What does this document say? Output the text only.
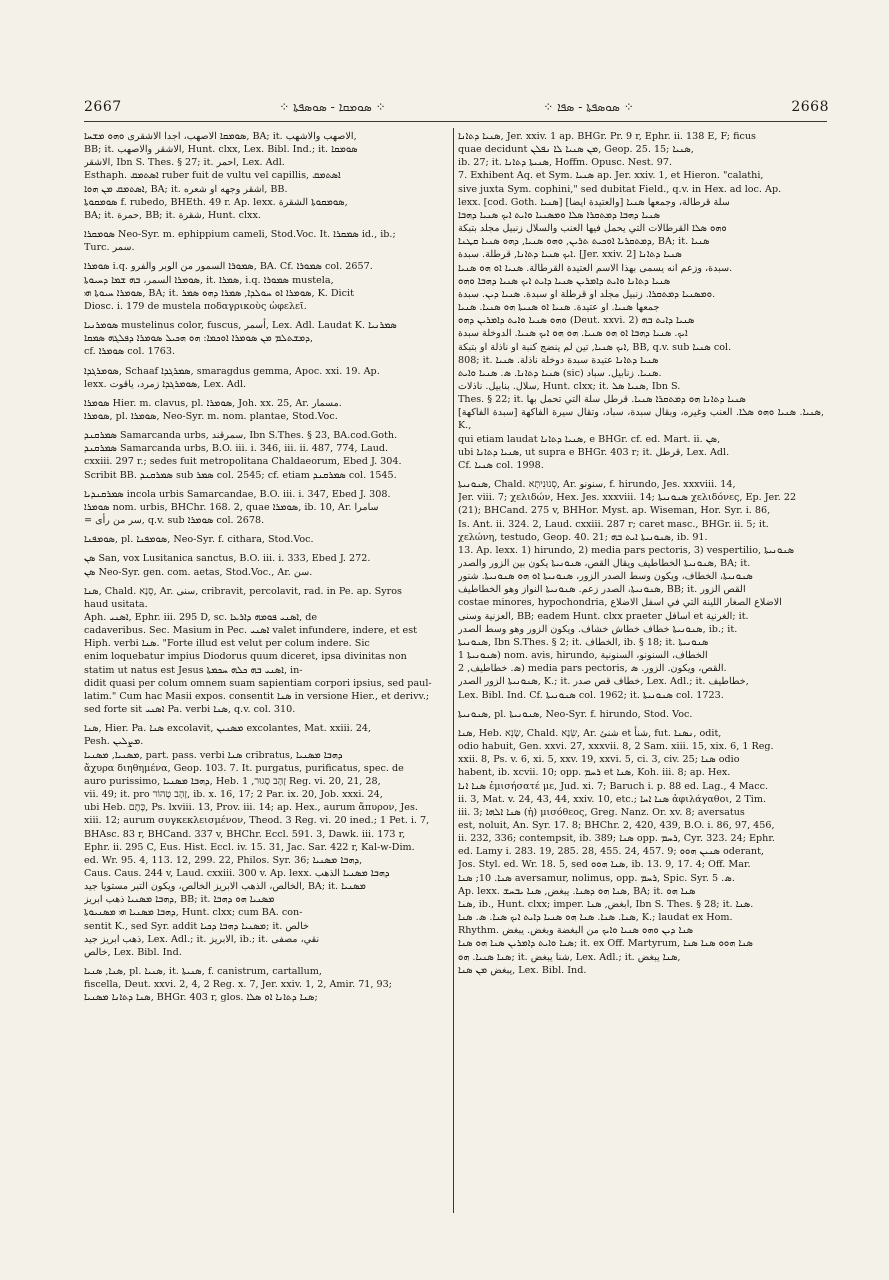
2667	⁘ ܣܘܡܩܐ - ܣܘܣܦܬܐ ⁘	⁘ ܣܘܣܦܬܐ - ܣܦܐ ⁘	2668

ܣܘܡܩܐ الاصهب، اجدا الاشقرى ܘܗܘ ܡܫܚܐ, BA; it. الاصهب والاشهب,

BB; it. الاشقر والاصهب, Hunt. clxx, Lex. Bibl. Ind.; it. ܣܘܡܩܐ

الاشقر, Ibn S. Thes. § 27; it. احمر, Lex. Adl.

Esthaph. ܐܣܬܡܩ ruber fuit de vultu vel capillis, ܐܣܬܡܩ

ܐܣܬܡܩ ܡܢ ܗܘܐ, BA; it. اشقر وجهه او شعره, BB.

ܣܘܡܩܘܬܐ f. rubedo, BHEth. 49 r. Ap. lexx. ܣܘܡܩܘܬܐ الشقرة,

BA; it. حمرة, BB; it. شقرة, Hunt. clxx.

ܣܘܡܩܪܐ Neo-Syr. m. ephippium cameli, Stod.Voc. It. ܣܡܩܪܐ id., ib.;

Turc. سمر.

ܣܘܡܪܐ i.q. ܣܡܘܪܐ السمور من الوبر والفرو, BA. Cf. ܣܡܘܪܐ col. 2657.

ܣܘܡܪܐ السمر، ܒܗ ܫܡܐ ܕܚܝܘܬܐ, it. ܣܡܪܐ, i.q. ܣܡܘܪܐ mustela,

ܣܘܡܪܐ ܚܝܘܬܐ ܗܝ, BA; it. ܣܘܡܪܐ ܐܘ ܚܘܠܕܐ, ܣܡܪܐ ܕܗܘ ܣܡܪ, K. Dicit

Diosc. i. 179 de mustela ποδαγρικοὺς ὠφελεῖ.

ܣܘܡܪܢܝܐ mustelinus color, fuscus, أسمر, Lex. Adl. Laudat K. ܣܡܪܢܝܐ

ܕܡܫܬܠܡ ܡܢ ܣܘܡܪܐ ܐܘܟܡܐ: ܗܘ ܗܟܝܠ ܣܘܡܪܐ ܕܦܠܓܗ ܣܡܩܐ,

cf. ܣܘܡܪܐ col. 1763.

ܣܘܡܪܓܕܐ, Schaaf ܣܡܪܓܕܐ, smaragdus gemma, Apoc. xxi. 19. Ap.

lexx. ܣܘܡܪܓܕܐ زمرد، ياقوت, Lex. Adl.

ܣܘܡܪܐ Hier. m. clavus, pl. ܣܘܡܪܐ, Joh. xx. 25, Ar. مسمار.

ܣܘܡܪܐ, pl. ܣܘܡܪܐ, Neo-Syr. m. nom. plantae, Stod.Voc.

ܣܡܪܩܢܕ Samarcanda urbs, سمرقند, Ibn S.Thes. § 23, BA.cod.Goth.

ܣܡܪܩܢܕ Samarcanda urbs, B.O. iii. i. 346, iii. ii. 487, 774, Laud.

cxxiii. 297 r.; sedes fuit metropolitana Chaldaeorum, Ebed J. 304.

Scribit BB. ܣܡܪܩܢܕ sub ܣܡܪ col. 2545; cf. etiam ܣܡܪܩܢܕ col. 1545.

ܣܡܪܩܢܕܝܐ incola urbis Samarcandae, B.O. iii. i. 347, Ebed J. 308.

ܣܘܡܪܐ nom. urbis, BHChr. 168. 2, quae ܣܘܡܪܐ, ib. 10, Ar. سامرا

= سر من رأى, q.v. sub ܣܘܡܪܐ col. 2678.

ܣܘܡܦܢܐ, pl. ܣܘܡܦܢܐ, Neo-Syr. f. cithara, Stod.Voc.

ܣܢ San, vox Lusitanica sanctus, B.O. iii. i. 333, Ebed J. 272.

ܣܢ Neo-Syr. gen. com. aetas, Stod.Voc., Ar. سن.

ܣܢܐ, Chald. סְנָא, Ar. سنى, cribravit, percolavit, rad. in Pe. ap. Syros

haud usitata.

Aph. ܐܣܢܝ, Ephr. iii. 295 D, sc. ܐܣܢܝ ܦܘܡܗ ܕܐܪܥܐ, de

cadaveribus. Sec. Masium in Pec. ܐܣܢܝ valet infundere, indere, et est

Hiph. verbi ܣܢܐ. "Forte illud est velut per colum indere. Sic

enim loquebatur impius Diodorus quum diceret, ipsa divinitas non

statim ut natus est Jesus ܐܣܢܝ ܒܗ ܟܠܗ ܚܟܡܬܐ, in-

didit quasi per colum omnem suam sapientiam corpori ipsius, sed paul-

latim." Cum hac Masii expos. consentit ܣܢܐ in versione Hier., et derivv.;

sed forte sit ܐܣܢܝ Pa. verbi ܣܢܐ, q.v. col. 310.

ܣܢܐ, Hier. Pa. ܣܢܐ excolavit, ܡܣܢܝܢ excolantes, Mat. xxiii. 24,

Pesh. ܡܨܠܝܢ.

ܡܣܢܝܐ, ܡܣܢܝܐ, part. pass. verbi ܣܢܐ cribratus, ܕܗܒܐ ܡܣܢܝܐ

ἄχυρα διηθημένα, Geop. 103. 7. It. purgatus, purificatus, spec. de

auro purissimo, ܕܗܒܐ ܡܣܢܝܐ, Heb. זָהָב סָגוּר, 1 Reg. vi. 20, 21, 28,

vii. 49; it. pro זָהָב טָהוֹר, ib. x. 16, 17; 2 Par. ix. 20, Job. xxxi. 24,

ubi Heb. כֶּתֶם, Ps. lxviii. 13, Prov. iii. 14; ap. Hex., aurum ἄπυρον, Jes.

xiii. 12; aurum συγκεκλεισμένον, Theod. 3 Reg. vi. 20 ined.; 1 Pet. i. 7,

BHAsc. 83 r, BHCand. 337 v, BHChr. Eccl. 591. 3, Dawk. iii. 173 r,

Ephr. ii. 295 C, Eus. Hist. Eccl. iv. 15. 31, Jac. Sar. 422 r, Kal-w-Dim.

ed. Wr. 95. 4, 113. 12, 299. 22, Philos. Syr. 36; ܕܗܒܐ ܡܣܢܝܐ,

Caus. Caus. 244 v, Laud. cxxiii. 300 v. Ap. lexx. ܕܗܒܐ ܡܣܢܝܐ الذهب

الخالص، الذهب الابريز الخالص، ويكون التبر مستويا جيد, BA; it. ܡܣܢܝܐ

ܕܗܒܐ ܡܣܢܝܐ ذهب ابريز, BB; it. ܡܣܢܝܐ ܗܘ ܕܗܒܐ

ܕܗܒܐ ܡܣܢܝܐ ܗܝ ܡܣܢܝܘܬܐ, Hunt. clxx; cum BA. con-

sentit K., sed Syr. addit ܡܣܢܝܐ ܕܗܒܐ ܕܟܝܐ; it. خالص

ذهب ابريز جيد, Lex. Adl.; it. الابريز, ib.; it. نقي، مصفى

خالص, Lex. Bibl. Ind.

ܣܢܐ, ܣܢܝܐ, pl. ܣܢܝܐ, it. ܣܢܝܬܐ, f. canistrum, cartallum,

fiscella, Deut. xxvi. 2, 4, 2 Reg. x. 7, Jer. xxiv. 1, 2, Amir. 71, 93;

ܣܢܐ ܕܬܐܢܐ ܡܣܢܝܐ, BHGr. 403 r, glos. ܣܢܐ ܕܬܐܢܐ ܐܘ ܣܠܐ;

ܣܢܝܐ ܕܬܐܢܐ, Jer. xxiv. 1 ap. BHGr. Pr. 9 r, Ephr. ii. 138 E, F; ficus

quae decidunt ܡܢ ܣܢܝܐ ܠܐ ܢܦܠܢ, Geop. 25. 15; ܣܢܝܐ,

ib. 27; it. ܣܢܝܬܐ ܕܬܐܢܐ, Hoffm. Opusc. Nest. 97.

7. Exhibent Aq. et Sym. ܣܢܝܐ ap. Jer. xxiv. 1, et Hieron. "calathi,

sive juxta Sym. cophini," sed dubitat Field., q.v. in Hex. ad loc. Ap.

lexx. [cod. Goth. ܣܢܝܐ] سلة قرطالة، وجمعها ܣܢܝܐ [والعتيدة ايضا]

ܣܢܝܐ ܕܗܒܐ ܕܡܬܩܪܐ ܣܠܐ ܘܡܣܢܝܐ ܘܐܝܬ ܐܝܟ ܣܢܝܐ ܕܗܒܐ

ܘܗܘ ܣܠܐ القرطالات التي يحمل فيها العنب والسلال زنبيل مجلد بتبكة

ܕܡܬܩܪܝܐ ܐܘܟܝܬ ܬܪܝܢ, ܘܗܘ ܣܢܝܐ, ܕܗܘ ܣܢܝܐ ܩܛܢܐ, BA; it. ܣܢܝܐ

ܐܝܟ ܣܢܝܐ ܕܬܐܢܐ, قرطلة. سبدة. [Jer. xxiv. 2] ܣܢܝܐ ܕܬܐܢܐ

سبدة، وزعم انه يسمى بهذا الاسم العتيدة القرطالة. ܣܢܝܐ ܐܘ ܗܘ ܣܢܝܐ.

ܣܢܝܐ ܕܬܐܢܐ ܘܐܝܬ ܕܐܡܪܝܢ ܣܢܝܐ ܕܐܝܬ ܐܝܟ ܣܢܝܐ ܕܗܒܐ ܘܗܘ

ܘܡܣܢܝܐ ܕܡܬܩܪܐ. زنبيل مجلد او قرطلة او سبدة. ܣܢܝܐ ܕܝܢ. سبدة.

جمعها ܣܢܝܐ. او عتيدة. ܣܢܝܐ ܐܘ ܣܢܝܬܐ ܗܘ ܣܢܝܐ. ܣܢܝܐ

ܘܗܘ ܣܢܝܐ ܘܐܝܬ ܕܐܡܪܝܢ ܕܗܘ (Deut. xxvi. 2) ܣܢܝܐ ܕܐܝܬ ܒܗ

ܐܝܟ. ܣܢܝܐ ܕܗܒܐ ܐܘ ܗܘ ܣܢܝܐ. ܗܘ ܗܘ ܐܝܟ ܣܢܝܐ. الدوخلة سبدة

ܐܝܟ ܣܢܝܐ, تين لم ينضج كنبة او ناذلة او بتبكة, BB, q.v. sub ܣܢܝܐ col.

808; it. ܣܢܝܐ ܕܬܐܢܐ عتيدة سبدة دوخلة ناذلة. ܣܢܝܐ

ܣܢܝܐ ܕܬܐܢܐ. ܣ. ܣܢܝܐ ܘܐܝܬ (sic) ܣܢܝܐ. زنابيل. سباد.

سلال. بنابيل. ناذلات, Hunt. clxx; it. ܣܢܝܐ ܣܠ, Ibn S.

Thes. § 22; it. ܣܢܝܐ ܕܬܐܢܐ ܗܘ ܕܡܬܩܪܐ ܣܢܝܐ. قرطل سلة التي تحمل بها

ܣܢܝܐ. ܣܢܝܐ ܘܗܘ ܣܠܐ. العنب وغيره، وبقال سبدة، سباد، وتقال سيرة الفاكهة [سبدة الفاكهة], K.,

qui etiam laudat ܣܢܝܐ ܕܬܐܢܐ, e BHGr. cf. ed. Mart. ii. ܣܢ,

ubi ܣܢܝܐ ܕܬܐܢܐ, ut supra e BHGr. 403 r; it. قرطل, Lex. Adl.

Cf. ܣܢܝܐ col. 1998.

ܣܢܘܢܝܬܐ, Chald. סְנוּנִיתָא, Ar. سنونو, f. hirundo, Jes. xxxviii. 14,

Jer. viii. 7; χελιδών, Hex. Jes. xxxviii. 14; ܣܢܘܢܝܬܐ χελιδόνες, Ep. Jer. 22

(21); BHCand. 275 v, BHHor. Myst. ap. Wiseman, Hor. Syr. i. 86,

Is. Ant. ii. 324. 2, Laud. cxxiii. 287 r; caret masc., BHGr. ii. 5; it.

χελώνη, testudo, Geop. 40. 21; ܣܢܘܢܝܬܐ ܐܝܬ ܒܗ, ib. 91.

13. Ap. lexx. 1) hirundo, 2) media pars pectoris, 3) vespertilio, ܣܢܘܢܝܬܐ

ܣܢܘܢܝܬܐ الخطاطيف ويقال القص، ܣܢܘܢܝܬܐ يكون بين الزور والصدر, BA; it.

ܣܢܘܢܝܬܐ، الخطاف، ويكون وسط الصدر الزور، ܣܢܘܢܝܬܐ ܐܘ ܗܘ ܣܢܘܢܝܬܐ. شنور

ܣܢܘܢܝܬܐ، الصدر زعم. ܣܢܘܢܝܬܐ النواز وهو الخطاطيف, BB; it. القص الزور

costae minores, hypochondria, الاضلاع الصغار اللينة التي في اسفل الاضلاع

العزنية وسنى, BB; eadem Hunt. clxx praeter اسافل et الغرنية; it.

ܣܢܘܢܝܬܐ خطاف خطاش خشاف. ويكون الزور وهو وسط الصدر, ib.; it.

ܣܢܘܢܝܬܐ, Ibn S.Thes. § 2; it. الخطاف, ib. § 18; it. ܣܢܘܢܝܬܐ

ܣܢܘܢܝܬܐ 1) nom. avis, hirundo, الخطاف، السنونو، السنونية

ܣ. خطاطيف, 2) media pars pectoris, القص، ويكون. الزور. ܣ.

ܣܢܘܢܝܬܐ الزور الصدر, K.; it. خطاف قص صدر, Lex. Adl.; it. خطاطيف,

Lex. Bibl. Ind. Cf. ܣܢܘܢܝܬܐ col. 1962; it. ܣܢܘܢܝܬܐ col. 1723.

ܣܢܘܢܝܬܐ, pl. ܣܢܘܢܝܬܐ, Neo-Syr. f. hirundo, Stod. Voc.

ܣܢܐ, Heb. שָׂנֵא, Chald. שְׂנָא, Ar. شنئ et شنأ, fut. ܢܣܢܐ, odit,

odio habuit, Gen. xxvi. 27, xxxvii. 8, 2 Sam. xiii. 15, xix. 6, 1 Reg.

xxii. 8, Ps. v. 6, xi. 5, xxv. 19, xxvi. 5, ci. 3, civ. 25; ܣܢܐ odio

habent, ib. xcvii. 10; opp. ܪܚܡ et ܣܢܐ, Koh. iii. 8; ap. Hex.

ܣܢܐ ܐܢܐ ἐμισήσατέ με, Jud. xi. 7; Baruch i. p. 88 ed. Lag., 4 Macc.

ii. 3, Mat. v. 24, 43, 44, xxiv. 10, etc.; ܣܢܐ ܐܚܐ ἀφιλάγαθοι, 2 Tim.

iii. 3; ܣܢܐ ܐܠܗܐ (ἡ) μισόθεος, Greg. Nanz. Or. xv. 8; aversatus

est, noluit, An. Syr. 17. 8; BHChr. 2, 420, 439, B.O. i. 86, 97, 456,

ii. 232, 336; contempsit, ib. 389; ܣܢܐ opp. ܪܚܡ, Cyr. 323. 24; Ephr.

ed. Lamy i. 283. 19, 285. 28, 455. 24, 457. 9; ܣܢܝܢ ܗܘܘ oderant,

Jos. Styl. ed. Wr. 18. 5, sed ܣܢܐ ܗܘܘ, ib. 13. 9, 17. 4; Off. Mar.

ܣܢܐ. 10; ܣܢܐ aversamur, nolimus, opp. ܪܚܡ, Spic. Syr. ܣ. 5.

Ap. lexx. ܣܢܐ ܗܘ ܕܣܢܐ. يبغض, ܣܢܐ ܝܒܚܫ, BA; it. ܣܢܐ ܗܘ

ܣܢܐ, ib., Hunt. clxx; imper. ابغض, ܣܢܐ, Ibn S. Thes. § 28; it. ܣܢܐ.

ܣܢܐ. ܣܢܐ. ܣܢܐ ܗܘ ܣܢܝܐ ܕܐܝܬ ܐܝܟ ܣܢܐ. ܣ. ܣܢܐ, K.; laudat ex Hom.

Rhythm. ܣܢܐ ܕܝܢ ܘܗܘ ܣܢܝܐ ܘܐܝܟ من البغضة وبغض. يبغض

ܣܢܐ ܘܐܝܬ ܕܐܡܪܝܢ ܣܢܐ ܗܘ ܣܢܐ; it. ex Off. Martyrum, ܣܢܐ ܗܘܘ ܣܢܐ ܣܢܐ

ܣܢܐ ܣܢܝܐ. ܗܘ; it. شنا يبغض, Lex. Adl.; it. ܣܢܐ يبغض,

يبغض ܡܢ ܣܢܐ, Lex. Bibl. Ind.
